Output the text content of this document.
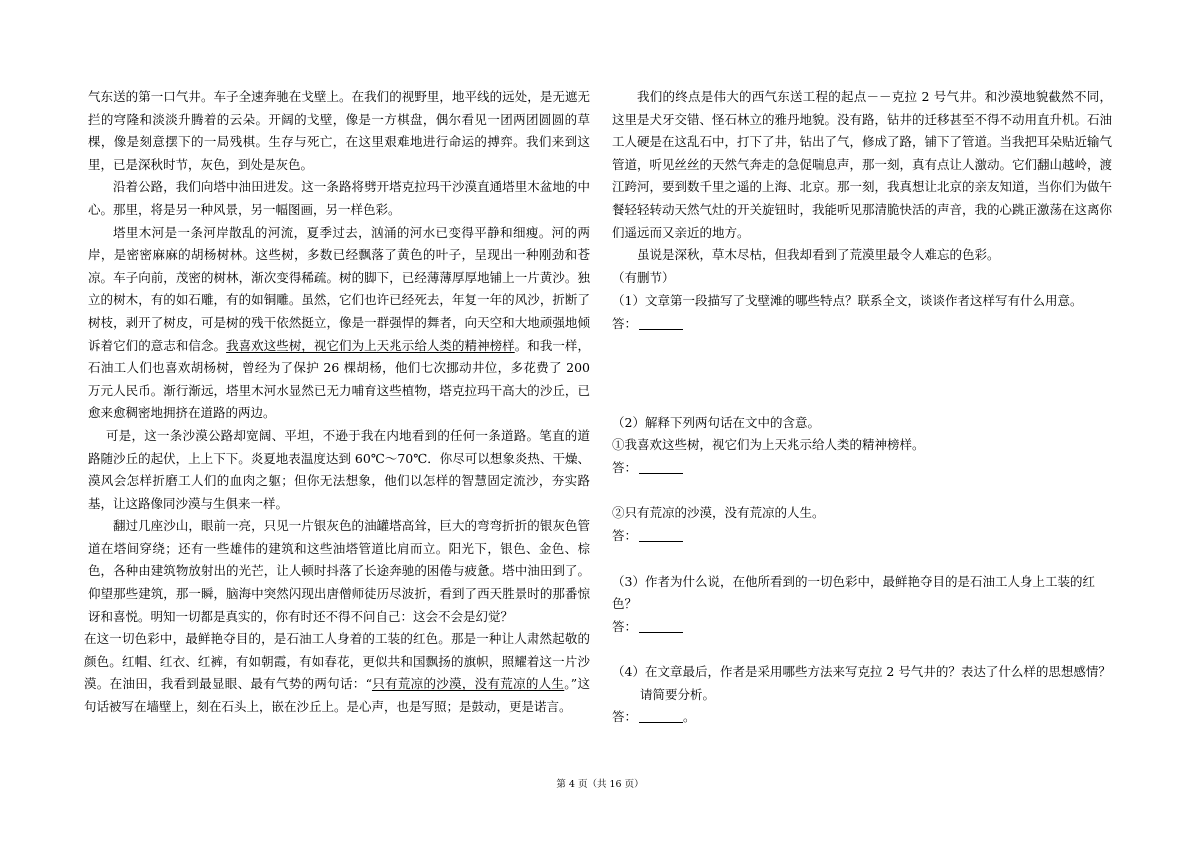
气东送的第一口气井。车子全速奔驰在戈壁上。在我们的视野里，地平线的远处，是无遮无拦的穹隆和淡淡升腾着的云朵。开阔的戈壁，像是一方棋盘，偶尔看见一团两团圆圆的草棵，像是刻意摆下的一局残棋。生存与死亡，在这里艰难地进行命运的搏弈。我们来到这里，已是深秋时节，灰色，到处是灰色。

沿着公路，我们向塔中油田进发。这一条路将劈开塔克拉玛干沙漠直通塔里木盆地的中心。那里，将是另一种风景，另一幅图画，另一样色彩。

塔里木河是一条河岸散乱的河流，夏季过去，汹涌的河水已变得平静和细瘦。河的两岸，是密密麻麻的胡杨树林。这些树，多数已经飘落了黄色的叶子，呈现出一种刚劲和苍凉。车子向前，茂密的树林，渐次变得稀疏。树的脚下，已经薄薄厚厚地铺上一片黄沙。独立的树木，有的如石雕，有的如铜雕。虽然，它们也许已经死去，年复一年的风沙，折断了树枝，剥开了树皮，可是树的残干依然挺立，像是一群强悍的舞者，向天空和大地顽强地倾诉着它们的意志和信念。我喜欢这些树，视它们为上天兆示给人类的精神榜样。和我一样，石油工人们也喜欢胡杨树，曾经为了保护 26 棵胡杨，他们七次挪动井位，多花费了 200 万元人民币。渐行渐远，塔里木河水显然已无力哺育这些植物，塔克拉玛干高大的沙丘，已愈来愈稠密地拥挤在道路的两边。

可是，这一条沙漠公路却宽阔、平坦，不逊于我在内地看到的任何一条道路。笔直的道路随沙丘的起伏，上上下下。炎夏地表温度达到 60℃～70℃．你尽可以想象炎热、干燥、漠风会怎样折磨工人们的血肉之躯；但你无法想象，他们以怎样的智慧固定流沙，夯实路基，让这路像同沙漠与生俱来一样。

翻过几座沙山，眼前一亮，只见一片银灰色的油罐塔高耸，巨大的弯弯折折的银灰色管道在塔间穿绕；还有一些雄伟的建筑和这些油塔管道比肩而立。阳光下，银色、金色、棕色，各种由建筑物放射出的光芒，让人顿时抖落了长途奔驰的困倦与疲惫。塔中油田到了。仰望那些建筑，那一瞬，脑海中突然闪现出唐僧师徒历尽波折，看到了西天胜景时的那番惊讶和喜悦。明知一切都是真实的，你有时还不得不问自己：这会不会是幻觉？

在这一切色彩中，最鲜艳夺目的，是石油工人身着的工装的红色。那是一种让人肃然起敬的颜色。红帽、红衣、红裤，有如朝霞，有如春花，更似共和国飘扬的旗帜，照耀着这一片沙漠。在油田，我看到最显眼、最有气势的两句话：“只有荒凉的沙漠，没有荒凉的人生。”这句话被写在墙壁上，刻在石头上，嵌在沙丘上。是心声，也是写照；是鼓动，更是诺言。

我们的终点是伟大的西气东送工程的起点－－克拉 2 号气井。和沙漠地貌截然不同，这里是犬牙交错、怪石林立的雅丹地貌。没有路，钻井的迁移甚至不得不动用直升机。石油工人硬是在这乱石中，打下了井，钻出了气，修成了路，铺下了管道。当我把耳朵贴近输气管道，听见丝丝的天然气奔走的急促喘息声，那一刻，真有点让人激动。它们翻山越岭，渡江跨河，要到数千里之遥的上海、北京。那一刻，我真想让北京的亲友知道，当你们为做午餐轻轻转动天然气灶的开关旋钮时，我能听见那清脆快活的声音，我的心跳正激荡在这离你们遥远而又亲近的地方。

虽说是深秋，草木尽枯，但我却看到了荒漠里最令人难忘的色彩。

（有删节）

（1）文章第一段描写了戈壁滩的哪些特点？联系全文，谈谈作者这样写有什么用意。

答：

（2）解释下列两句话在文中的含意。

①我喜欢这些树，视它们为上天兆示给人类的精神榜样。

答：

②只有荒凉的沙漠，没有荒凉的人生。

答：

（3）作者为什么说，在他所看到的一切色彩中，最鲜艳夺目的是石油工人身上工装的红色？

答：

（4）在文章最后，作者是采用哪些方法来写克拉 2 号气井的？表达了什么样的思想感情？请简要分析。

答：	。

第 4 页（共 16 页）
